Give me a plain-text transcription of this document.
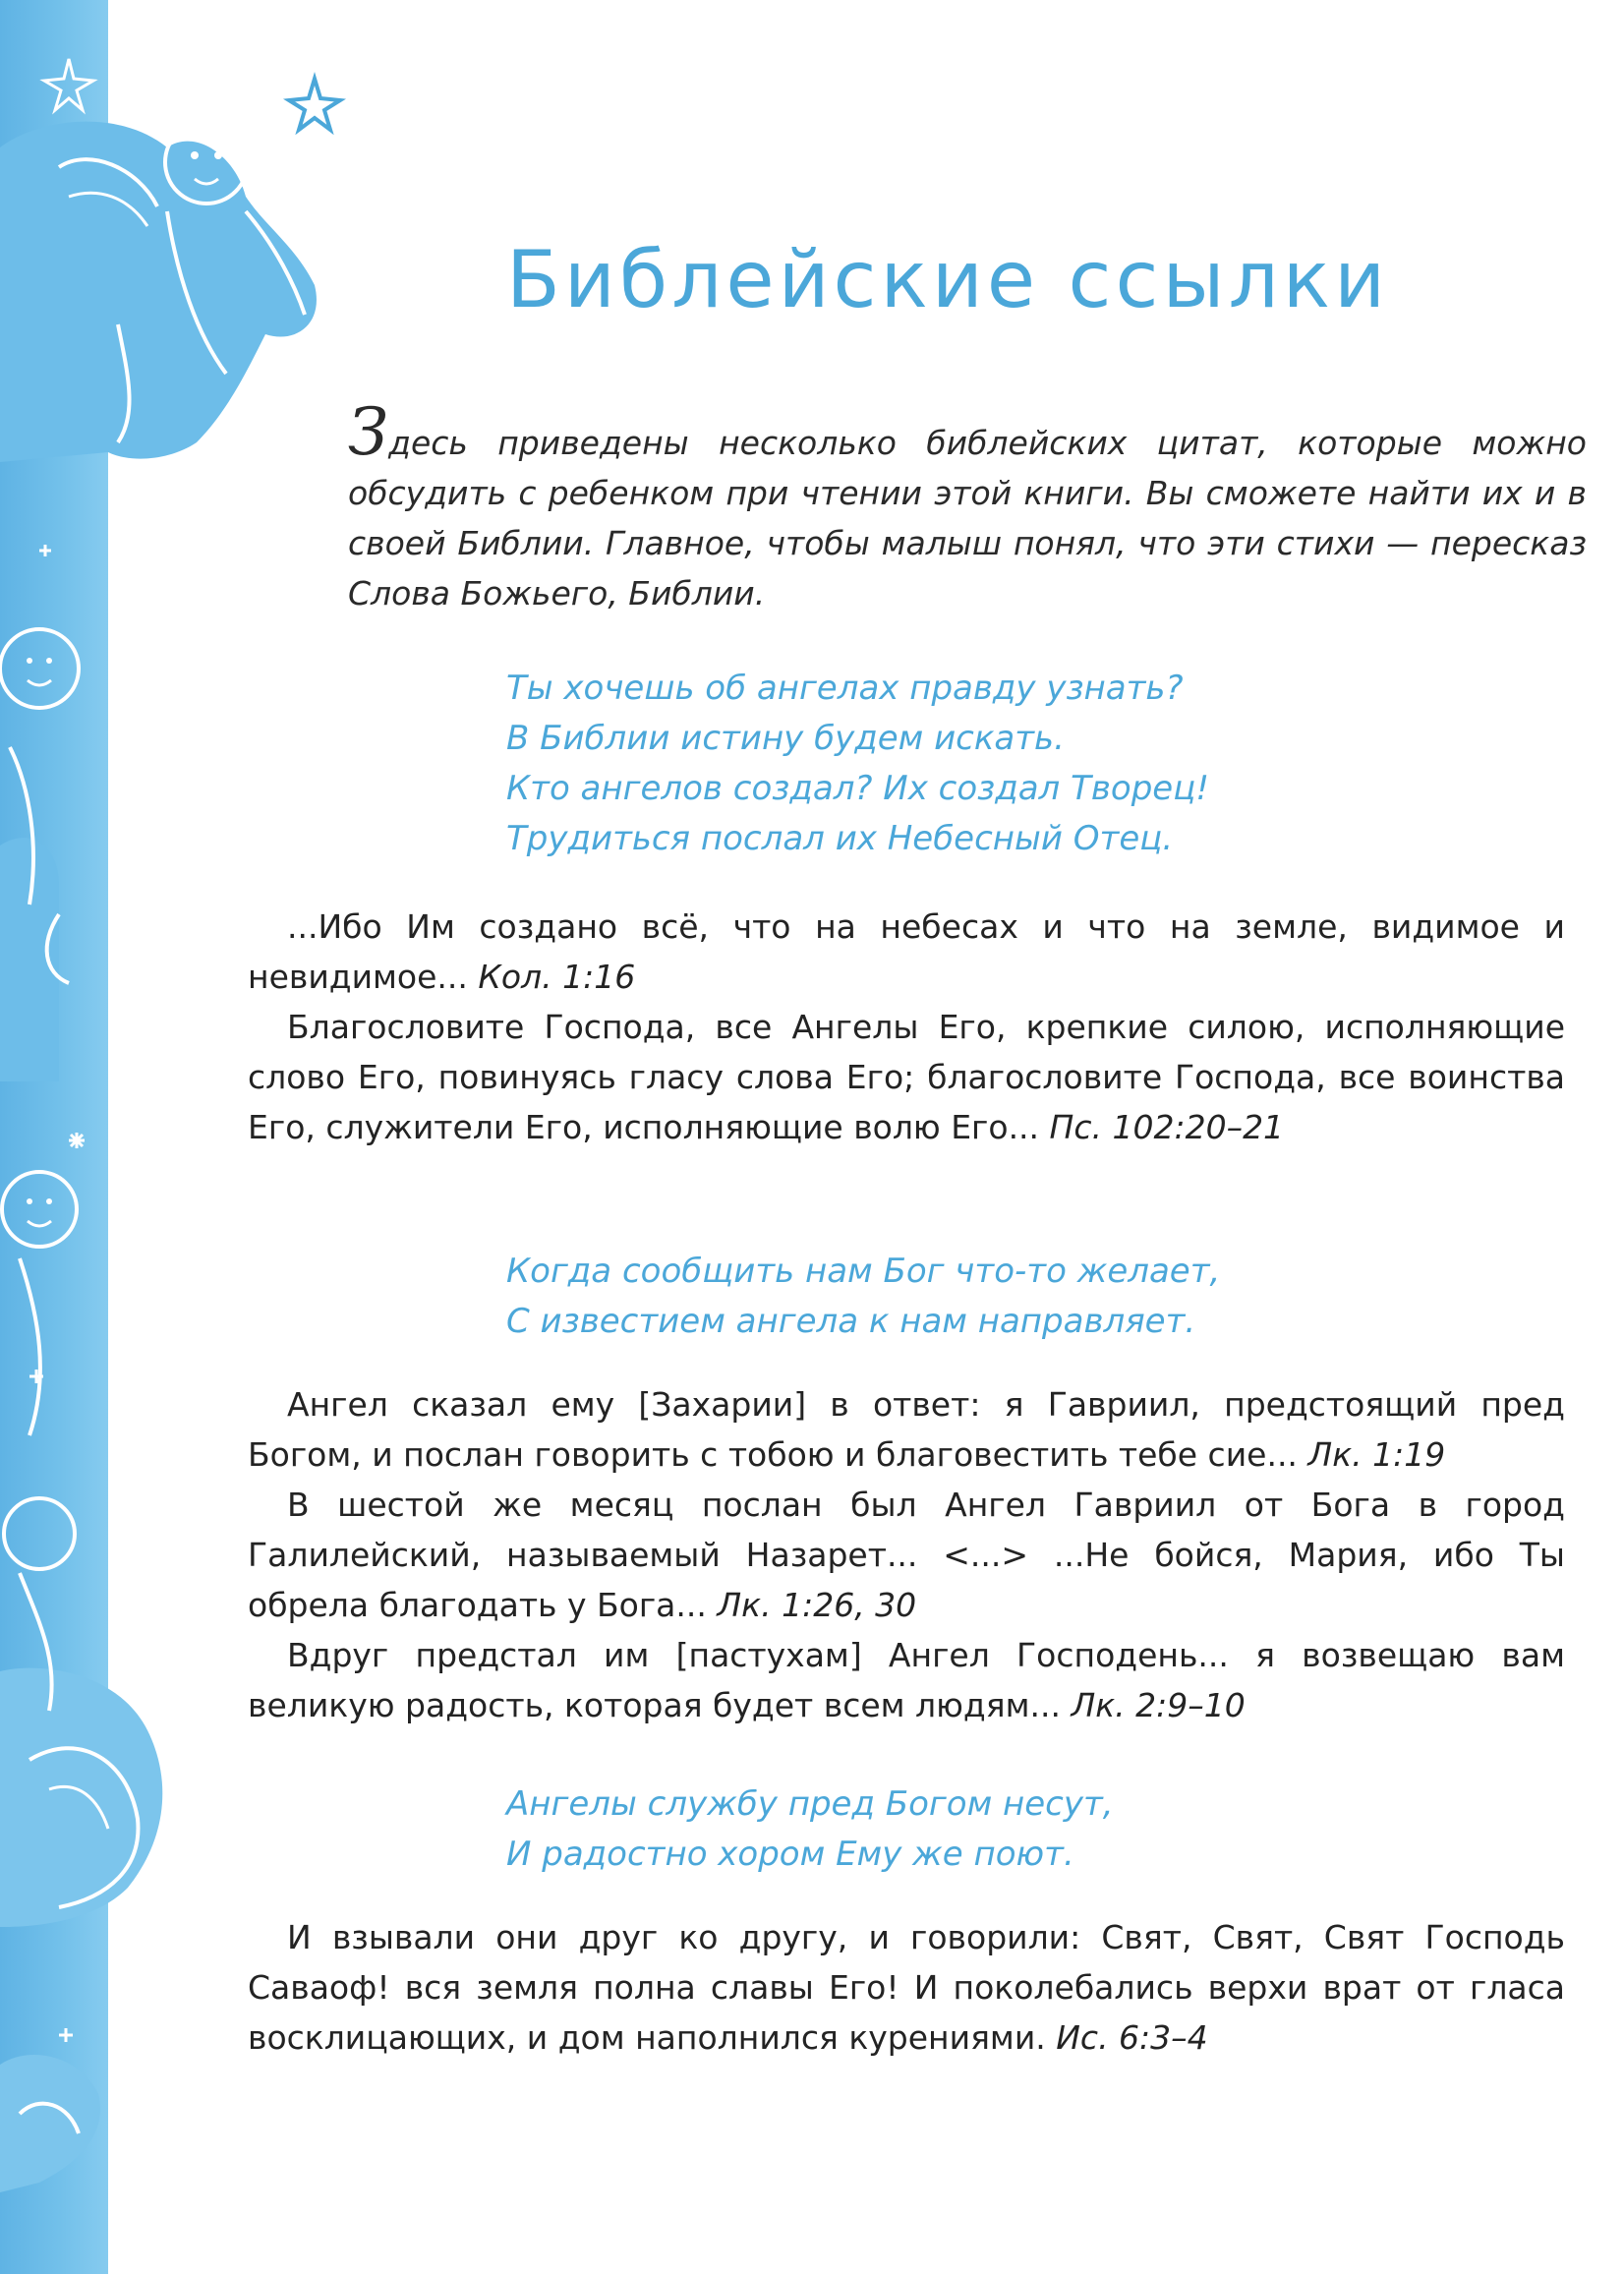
Библейские ссылки

Здесь приведены несколько библейских цитат, которые можно обсудить с ребенком при чтении этой книги. Вы сможете найти их и в своей Библии. Главное, чтобы малыш понял, что эти стихи — пересказ Слова Божьего, Библии.

Ты хочешь об ангелах правду узнать?
В Библии истину будем искать.
Кто ангелов создал? Их создал Творец!
Трудиться послал их Небесный Отец.

...Ибо Им создано всё, что на небесах и что на земле, видимое и невидимое... Кол. 1:16

Благословите Господа, все Ангелы Его, крепкие силою, исполняющие слово Его, повинуясь гласу слова Его; благословите Господа, все воинства Его, служители Его, исполняющие волю Его... Пс. 102:20–21

Когда сообщить нам Бог что-то желает,
С известием ангела к нам направляет.

Ангел сказал ему [Захарии] в ответ: я Гавриил, предстоящий пред Богом, и послан говорить с тобою и благовестить тебе сие... Лк. 1:19

В шестой же месяц послан был Ангел Гавриил от Бога в город Галилейский, называемый Назарет... <...> ...Не бойся, Мария, ибо Ты обрела благодать у Бога... Лк. 1:26, 30

Вдруг предстал им [пастухам] Ангел Господень... я возвещаю вам великую радость, которая будет всем людям... Лк. 2:9–10

Ангелы службу пред Богом несут,
И радостно хором Ему же поют.

И взывали они друг ко другу, и говорили: Свят, Свят, Свят Господь Саваоф! вся земля полна славы Его! И поколебались верхи врат от гласа восклицающих, и дом наполнился курениями. Ис. 6:3–4
